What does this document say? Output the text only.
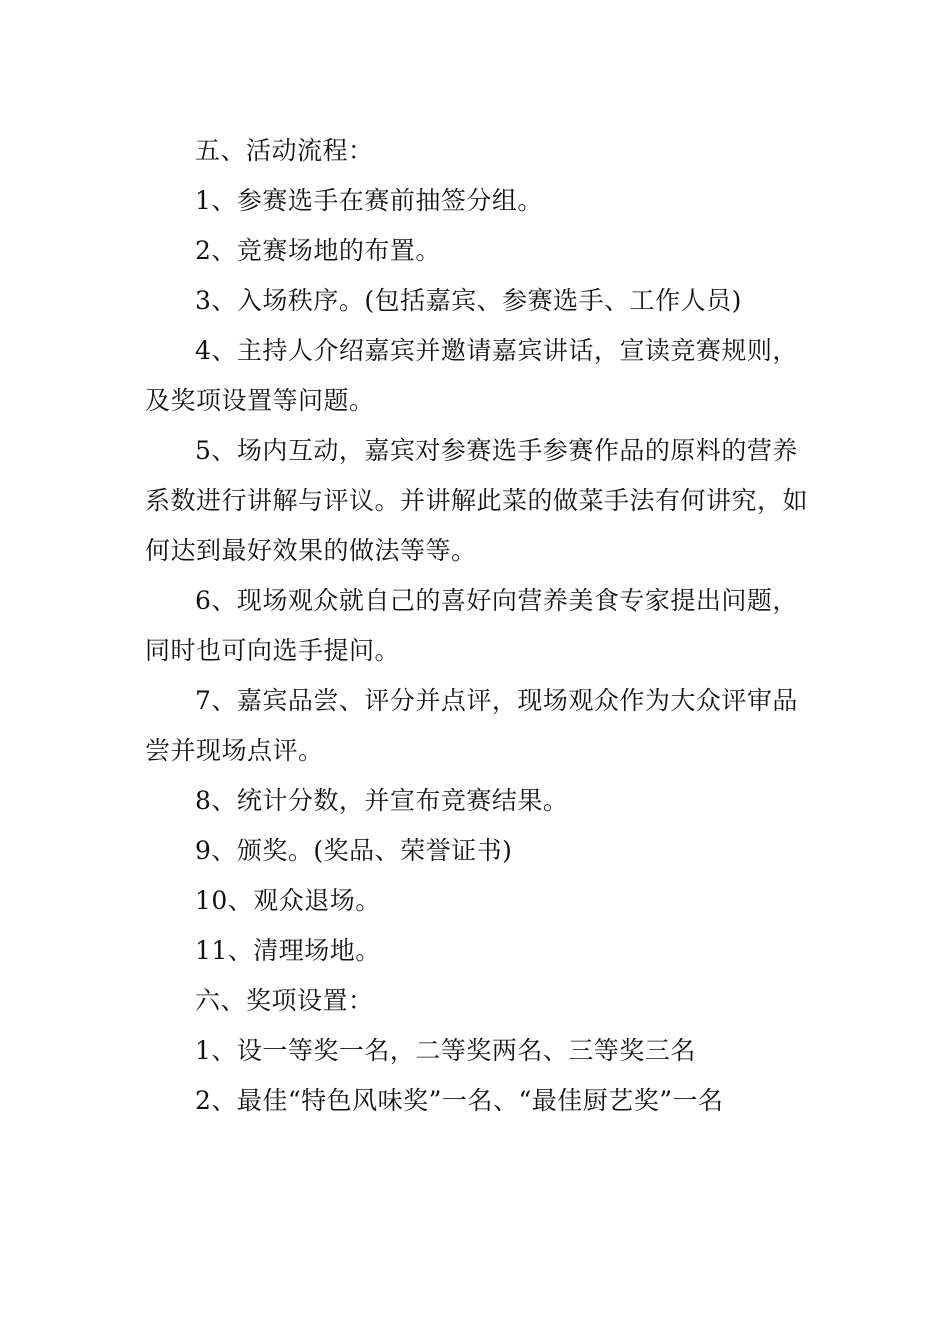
五、活动流程：

1、参赛选手在赛前抽签分组。

2、竞赛场地的布置。

3、入场秩序。(包括嘉宾、参赛选手、工作人员)

4、主持人介绍嘉宾并邀请嘉宾讲话，宣读竞赛规则，及奖项设置等问题。

5、场内互动，嘉宾对参赛选手参赛作品的原料的营养系数进行讲解与评议。并讲解此菜的做菜手法有何讲究，如何达到最好效果的做法等等。

6、现场观众就自己的喜好向营养美食专家提出问题，同时也可向选手提问。

7、嘉宾品尝、评分并点评，现场观众作为大众评审品尝并现场点评。

8、统计分数，并宣布竞赛结果。

9、颁奖。(奖品、荣誉证书)

10、观众退场。

11、清理场地。

六、奖项设置：

1、设一等奖一名，二等奖两名、三等奖三名

2、最佳“特色风味奖”一名、“最佳厨艺奖”一名
